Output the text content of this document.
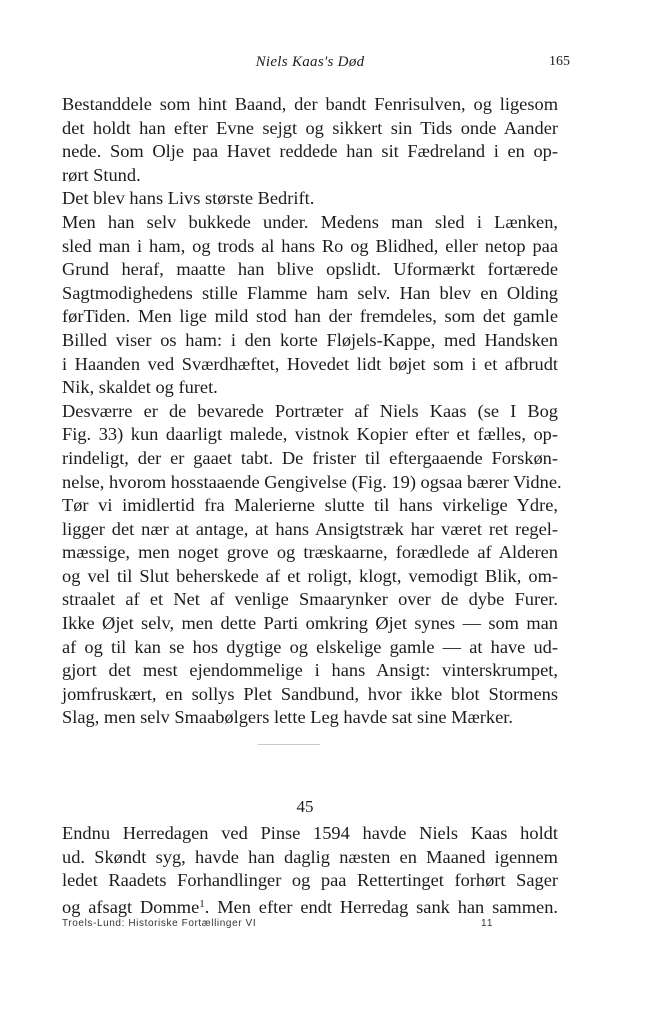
Niels Kaas's Død	165
Bestanddele som hint Baand, der bandt Fenrisulven, og ligesom
det holdt han efter Evne sejgt og sikkert sin Tids onde Aander
nede. Som Olje paa Havet reddede han sit Fædreland i en op-
rørt Stund.
Det blev hans Livs største Bedrift.
Men han selv bukkede under. Medens man sled i Lænken,
sled man i ham, og trods al hans Ro og Blidhed, eller netop paa
Grund heraf, maatte han blive opslidt. Uformærkt fortærede
Sagtmodighedens stille Flamme ham selv. Han blev en Olding
førTiden. Men lige mild stod han der fremdeles, som det gamle
Billed viser os ham: i den korte Fløjels-Kappe, med Handsken
i Haanden ved Sværdhæftet, Hovedet lidt bøjet som i et afbrudt
Nik, skaldet og furet.
Desværre er de bevarede Portræter af Niels Kaas (se I Bog
Fig. 33) kun daarligt malede, vistnok Kopier efter et fælles, op-
rindeligt, der er gaaet tabt. De frister til eftergaaende Forskøn-
nelse, hvorom hosstaaende Gengivelse (Fig. 19) ogsaa bærer Vidne.
Tør vi imidlertid fra Malerierne slutte til hans virkelige Ydre,
ligger det nær at antage, at hans Ansigtstræk har været ret regel-
mæssige, men noget grove og træskaarne, forædlede af Alderen
og vel til Slut beherskede af et roligt, klogt, vemodigt Blik, om-
straalet af et Net af venlige Smaarynker over de dybe Furer.
Ikke Øjet selv, men dette Parti omkring Øjet synes — som man
af og til kan se hos dygtige og elskelige gamle — at have ud-
gjort det mest ejendommelige i hans Ansigt: vinterskrumpet,
jomfruskært, en sollys Plet Sandbund, hvor ikke blot Stormens
Slag, men selv Smaabølgers lette Leg havde sat sine Mærker.
45
Endnu Herredagen ved Pinse 1594 havde Niels Kaas holdt
ud. Skøndt syg, havde han daglig næsten en Maaned igennem
ledet Raadets Forhandlinger og paa Rettertinget forhørt Sager
og afsagt Domme$^1$. Men efter endt Herredag sank han sammen.
Troels-Lund: Historiske Fortællinger VI	11
